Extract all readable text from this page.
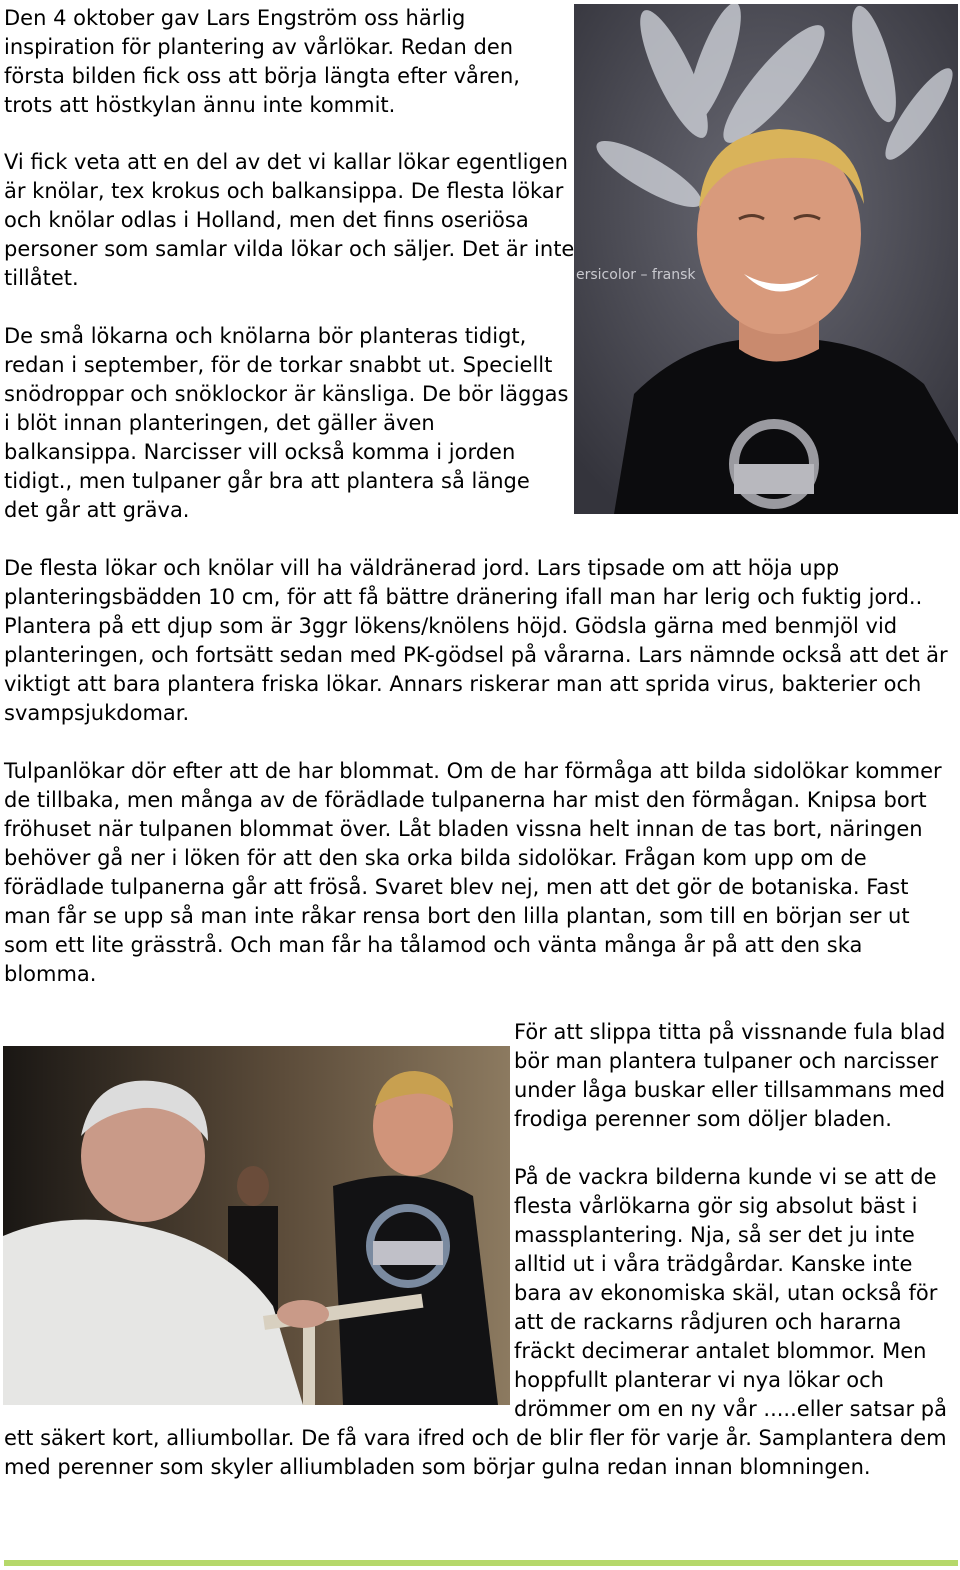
Den 4 oktober gav Lars Engström oss härlig inspiration för plantering av vårlökar. Redan den första bilden fick oss att börja längta efter våren, trots att höstkylan ännu inte kommit.

Vi fick veta att en del av det vi kallar lökar egentligen är knölar, tex krokus och balkansippa. De flesta lökar och knölar odlas i Holland, men det finns oseriösa personer som samlar vilda lökar och säljer. Det är inte tillåtet.

De små lökarna och knölarna bör planteras tidigt, redan i september, för de torkar snabbt ut. Speciellt snödroppar och snöklockor är känsliga. De bör läggas i blöt innan planteringen, det gäller även balkansippa. Narcisser vill också komma i jorden tidigt., men tulpaner går bra att plantera så länge det går att gräva.

ersicolor – fransk

De flesta lökar och knölar vill ha väldränerad jord. Lars tipsade om att höja upp planteringsbädden 10 cm, för att få bättre dränering ifall man har lerig och fuktig jord.. Plantera på ett djup som är 3ggr lökens/knölens höjd. Gödsla gärna med benmjöl vid planteringen, och fortsätt sedan med PK-gödsel på vårarna. Lars nämnde också att det är viktigt att bara plantera friska lökar. Annars riskerar man att sprida virus, bakterier och svampsjukdomar.

Tulpanlökar dör efter att de har blommat. Om de har förmåga att bilda sidolökar kommer de tillbaka, men många av de förädlade tulpanerna har mist den förmågan. Knipsa bort fröhuset när tulpanen blommat över. Låt bladen vissna helt innan de tas bort, näringen behöver gå ner i löken för att den ska orka bilda sidolökar. Frågan kom upp om de förädlade tulpanerna går att fröså. Svaret blev nej, men att det gör de botaniska. Fast man får se upp så man inte råkar rensa bort den lilla plantan, som till en början ser ut som ett lite grässtrå. Och man får ha tålamod och vänta många år på att den ska blomma.

För att slippa titta på vissnande fula blad bör man plantera tulpaner och narcisser under låga buskar eller tillsammans med frodiga perenner som döljer bladen.

På de vackra bilderna kunde vi se att de flesta vårlökarna gör sig absolut bäst i massplantering. Nja, så ser det ju inte alltid ut i våra trädgårdar. Kanske inte bara av ekonomiska skäl, utan också för att de rackarns rådjuren och hararna fräckt decimerar antalet blommor. Men hoppfullt planterar vi nya lökar och drömmer om en ny vår .....eller satsar på ett säkert kort, alliumbollar. De få vara ifred och de blir fler för varje år. Samplantera dem med perenner som skyler alliumbladen som börjar gulna redan innan blomningen.
